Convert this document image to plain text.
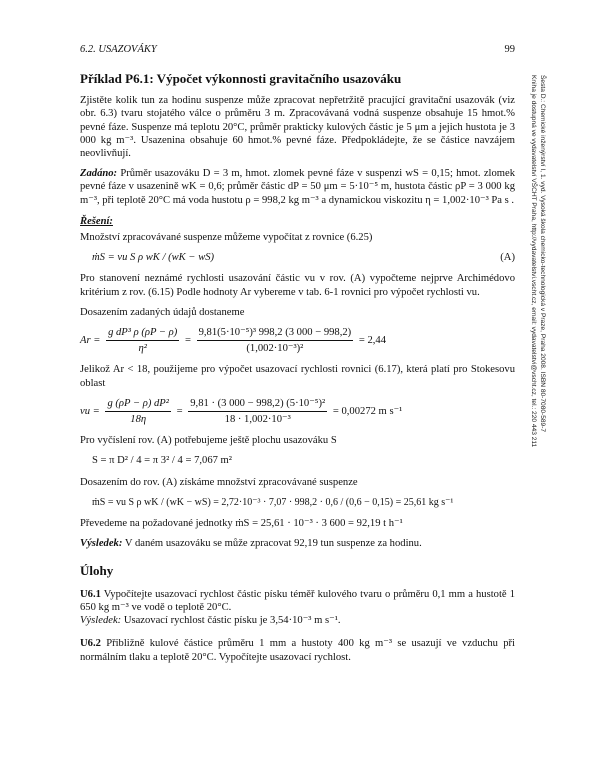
6.2. USAZOVÁKY	99
Šesta D.: Chemické inženýrství I, 1. vyd. Vysoká škola chemicko-technologická v Praze, Praha 2008. ISBN 80-7080-589-7
Kniha je dostupná ve vydavatelství VŠCHT Praha, http://vydavatelstvi.vscht.cz, email: vydavatelstvi@vscht.cz, tel.: 220 443 211
Příklad P6.1: Výpočet výkonnosti gravitačního usazováku

Zjistěte kolik tun za hodinu suspenze může zpracovat nepřetržitě pracující gravitační usazovák (viz obr. 6.3) tvaru stojatého válce o průměru 3 m. Zpracovávaná vodná suspenze obsahuje 15 hmot.% pevné fáze. Suspenze má teplotu 20°C, průměr prakticky kulových částic je 5 μm a jejich hustota je 3 000 kg m⁻³. Usazenina obsahuje 60 hmot.% pevné fáze. Předpokládejte, že se částice navzájem neovlivňují.

Zadáno: Průměr usazováku D = 3 m, hmot. zlomek pevné fáze v suspenzi wS = 0,15; hmot. zlomek pevné fáze v usazenině wK = 0,6; průměr částic dP = 50 μm = 5·10⁻⁵ m, hustota částic ρP = 3 000 kg m⁻³, při teplotě 20°C má voda hustotu ρ = 998,2 kg m⁻³ a dynamickou viskozitu η = 1,002·10⁻³ Pa s .

Řešení:

Množství zpracovávané suspenze můžeme vypočítat z rovnice (6.25)

ṁS = vu S ρ wK / (wK − wS)	(A)

Pro stanovení neznámé rychlosti usazování částic vu v rov. (A) vypočteme nejprve Archimédovo kritérium z rov. (6.15) Podle hodnoty Ar vybereme v tab. 6-1 rovnici pro výpočet rychlosti vu.

Dosazením zadaných údajů dostaneme

$Ar = \frac{\text{g dP³ ρ (ρP − ρ)}}{\text{η²}} = \frac{\text{9,81(5·10⁻⁵)³ 998,2 (3 000 − 998,2)}}{\text{(1,002·10⁻³)²}} = 2,44$

Jelikož Ar < 18, použijeme pro výpočet usazovací rychlosti rovnici (6.17), která platí pro Stokesovu oblast

vu = $\frac{\text{g (ρP − ρ) dP²}}{18\eta} = \frac{\text{9,81 · (3 000 − 998,2) (5·10⁻⁵)²}}{\text{18 · 1,002·10⁻³}} = 0,00272$ m s⁻¹

Pro vyčíslení rov. (A) potřebujeme ještě plochu usazováku S

S = π D² / 4 = π 3² / 4 = 7,067 m²

Dosazením do rov. (A) získáme množství zpracovávané suspenze

ṁS = vu S ρ wK / (wK − wS) = 2,72·10⁻³ · 7,07 · 998,2 · 0,6 / (0,6 − 0,15) = 25,61 kg s⁻¹

Převedeme na požadované jednotky ṁS = 25,61 · 10⁻³ · 3 600 = 92,19 t h⁻¹

Výsledek: V daném usazováku se může zpracovat 92,19 tun suspenze za hodinu.

Úlohy
U6.1 Vypočítejte usazovací rychlost částic písku téměř kulového tvaru o průměru 0,1 mm a hustotě 1 650 kg m⁻³ ve vodě o teplotě 20°C.
Výsledek: Usazovací rychlost částic písku je 3,54·10⁻³ m s⁻¹.
U6.2 Přibližně kulové částice průměru 1 mm a hustoty 400 kg m⁻³ se usazují ve vzduchu při normálním tlaku a teplotě 20°C. Vypočítejte usazovací rychlost.
